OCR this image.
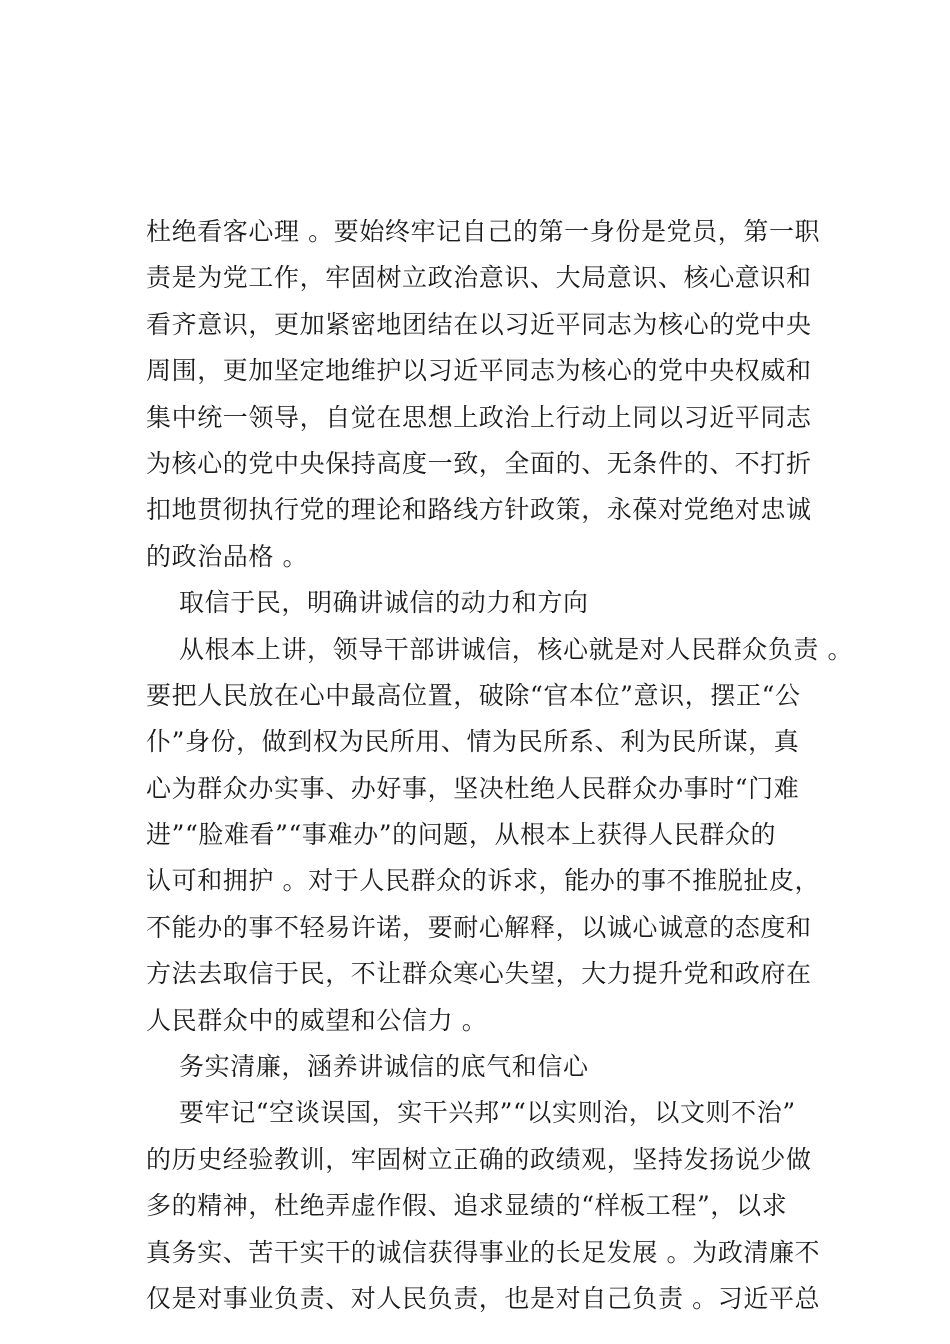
杜绝看客心理 。要始终牢记自己的第一身份是党员，第一职
责是为党工作，牢固树立政治意识、大局意识、核心意识和
看齐意识，更加紧密地团结在以习近平同志为核心的党中央
周围，更加坚定地维护以习近平同志为核心的党中央权威和
集中统一领导，自觉在思想上政治上行动上同以习近平同志
为核心的党中央保持高度一致，全面的、无条件的、不打折
扣地贯彻执行党的理论和路线方针政策，永葆对党绝对忠诚
的政治品格 。
取信于民，明确讲诚信的动力和方向
从根本上讲，领导干部讲诚信，核心就是对人民群众负责 。
要把人民放在心中最高位置，破除“官本位”意识，摆正“公
仆”身份，做到权为民所用、情为民所系、利为民所谋，真
心为群众办实事、办好事，坚决杜绝人民群众办事时“门难
进”“脸难看”“事难办”的问题，从根本上获得人民群众的
认可和拥护 。对于人民群众的诉求，能办的事不推脱扯皮，
不能办的事不轻易许诺，要耐心解释，以诚心诚意的态度和
方法去取信于民，不让群众寒心失望，大力提升党和政府在
人民群众中的威望和公信力 。
务实清廉，涵养讲诚信的底气和信心
要牢记“空谈误国，实干兴邦”“以实则治，以文则不治”
的历史经验教训，牢固树立正确的政绩观，坚持发扬说少做
多的精神，杜绝弄虚作假、追求显绩的“样板工程”，以求
真务实、苦干实干的诚信获得事业的长足发展 。为政清廉不
仅是对事业负责、对人民负责，也是对自己负责 。习近平总
